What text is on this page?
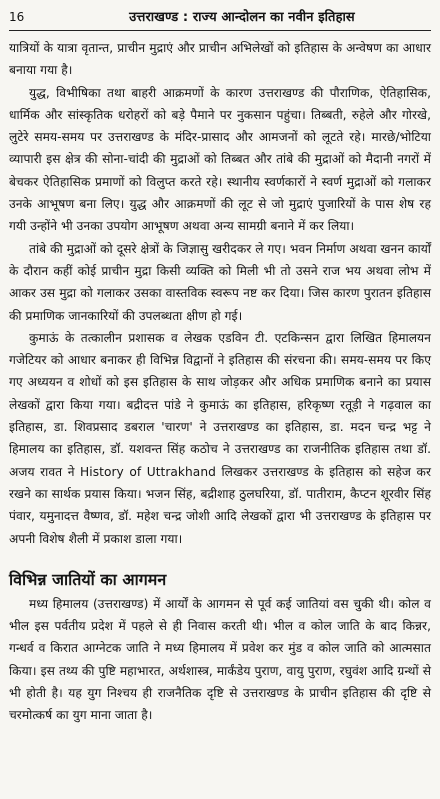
16	उत्तराखण्ड : राज्य आन्दोलन का नवीन इतिहास

यात्रियों के यात्रा वृतान्त, प्राचीन मुद्राएं और प्राचीन अभिलेखों को इतिहास के अन्वेषण का आधार बनाया गया है।

युद्ध, विभीषिका तथा बाहरी आक्रमणों के कारण उत्तराखण्ड की पौराणिक, ऐतिहासिक, धार्मिक और सांस्कृतिक धरोहरों को बड़े पैमाने पर नुकसान पहुंचा। तिब्बती, रुहेले और गोरखे, लुटेरे समय-समय पर उत्तराखण्ड के मंदिर-प्रासाद और आमजनों को लूटते रहे। मारछे/भोटिया व्यापारी इस क्षेत्र की सोना-चांदी की मुद्राओं को तिब्बत और तांबे की मुद्राओं को मैदानी नगरों में बेचकर ऐतिहासिक प्रमाणों को विलुप्त करते रहे। स्थानीय स्वर्णकारों ने स्वर्ण मुद्राओं को गलाकर उनके आभूषण बना लिए। युद्ध और आक्रमणों की लूट से जो मुद्राएं पुजारियों के पास शेष रह गयी उन्होंने भी उनका उपयोग आभूषण अथवा अन्य सामग्री बनाने में कर लिया।

तांबे की मुद्राओं को दूसरे क्षेत्रों के जिज्ञासु खरीदकर ले गए। भवन निर्माण अथवा खनन कार्यों के दौरान कहीं कोई प्राचीन मुद्रा किसी व्यक्ति को मिली भी तो उसने राज भय अथवा लोभ में आकर उस मुद्रा को गलाकर उसका वास्तविक स्वरूप नष्ट कर दिया। जिस कारण पुरातन इतिहास की प्रमाणिक जानकारियों की उपलब्धता क्षीण हो गई।

कुमाऊं के तत्कालीन प्रशासक व लेखक एडविन टी. एटकिन्सन द्वारा लिखित हिमालयन गजेटियर को आधार बनाकर ही विभिन्न विद्वानों ने इतिहास की संरचना की। समय-समय पर किए गए अध्ययन व शोधों को इस इतिहास के साथ जोड़कर और अधिक प्रमाणिक बनाने का प्रयास लेखकों द्वारा किया गया। बद्रीदत्त पांडे ने कुमाऊं का इतिहास, हरिकृष्ण रतूड़ी ने गढ़वाल का इतिहास, डा. शिवप्रसाद डबराल 'चारण' ने उत्तराखण्ड का इतिहास, डा. मदन चन्द्र भट्ट ने हिमालय का इतिहास, डॉ. यशवन्त सिंह कठोच ने उत्तराखण्ड का राजनीतिक इतिहास तथा डॉ. अजय रावत ने History of Uttrakhand लिखकर उत्तराखण्ड के इतिहास को सहेज कर रखने का सार्थक प्रयास किया। भजन सिंह, बद्रीशाह ठुलघरिया, डॉ. पातीराम, कैप्टन शूरवीर सिंह पंवार, यमुनादत्त वैष्णव, डॉ. महेश चन्द्र जोशी आदि लेखकों द्वारा भी उत्तराखण्ड के इतिहास पर अपनी विशेष शैली में प्रकाश डाला गया।

विभिन्न जातियों का आगमन

मध्य हिमालय (उत्तराखण्ड) में आर्यों के आगमन से पूर्व कई जातियां वस चुकी थी। कोल व भील इस पर्वतीय प्रदेश में पहले से ही निवास करती थी। भील व कोल जाति के बाद किन्नर, गन्धर्व व किरात आग्नेटक जाति ने मध्य हिमालय में प्रवेश कर मुंड व कोल जाति को आत्मसात किया। इस तथ्य की पुष्टि महाभारत, अर्थशास्त्र, मार्कंडेय पुराण, वायु पुराण, रघुवंश आदि ग्रन्थों से भी होती है। यह युग निश्चय ही राजनैतिक दृष्टि से उत्तराखण्ड के प्राचीन इतिहास की दृष्टि से चरमोत्कर्ष का युग माना जाता है।
